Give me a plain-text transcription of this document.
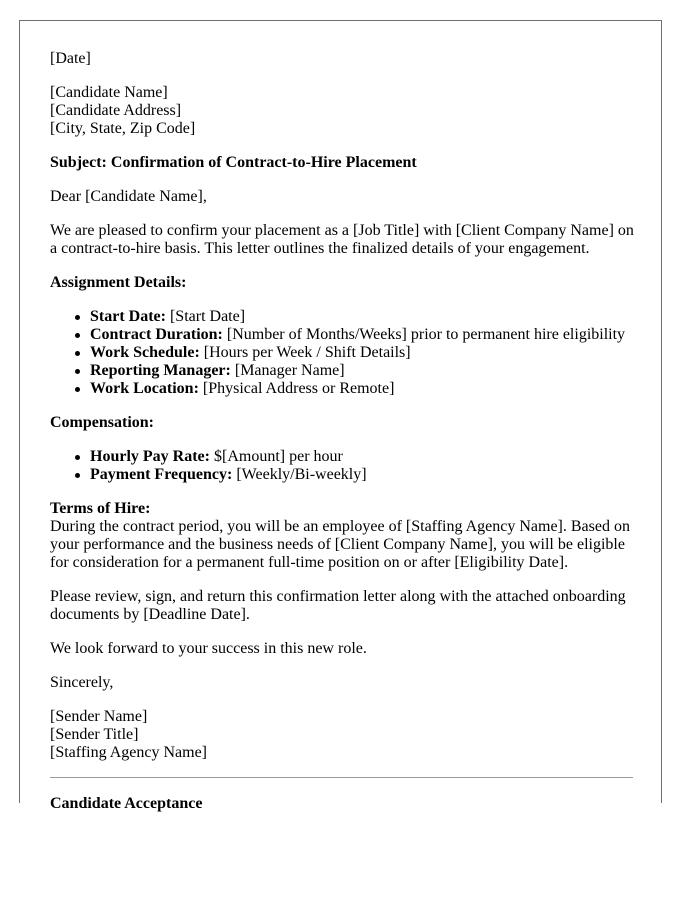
[Date]

[Candidate Name]

[Candidate Address]

[City, State, Zip Code]

Subject: Confirmation of Contract-to-Hire Placement

Dear [Candidate Name],

We are pleased to confirm your placement as a [Job Title] with [Client Company Name] on a contract-to-hire basis. This letter outlines the finalized details of your engagement.

Assignment Details:

Start Date: [Start Date]
Contract Duration: [Number of Months/Weeks] prior to permanent hire eligibility
Work Schedule: [Hours per Week / Shift Details]
Reporting Manager: [Manager Name]
Work Location: [Physical Address or Remote]

Compensation:

Hourly Pay Rate: $[Amount] per hour
Payment Frequency: [Weekly/Bi-weekly]

Terms of Hire:

During the contract period, you will be an employee of [Staffing Agency Name]. Based on your performance and the business needs of [Client Company Name], you will be eligible for consideration for a permanent full-time position on or after [Eligibility Date].

Please review, sign, and return this confirmation letter along with the attached onboarding documents by [Deadline Date].

We look forward to your success in this new role.

Sincerely,

[Sender Name]

[Sender Title]

[Staffing Agency Name]

Candidate Acceptance
